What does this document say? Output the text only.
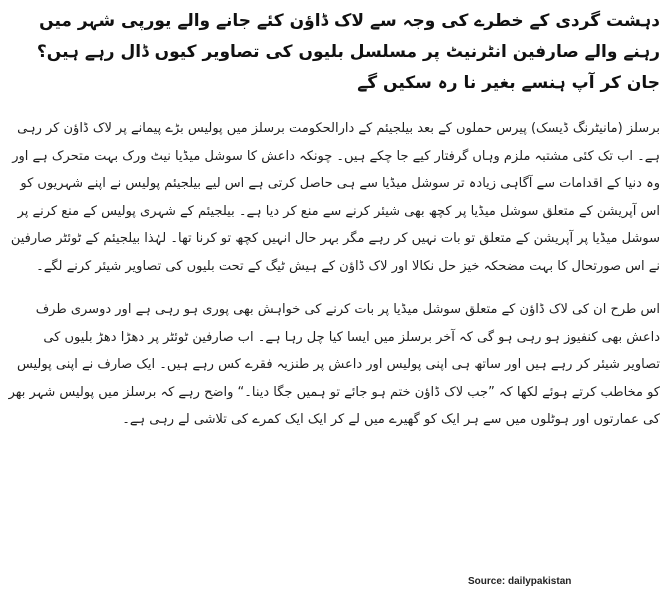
دہشت گردی کے خطرے کی وجہ سے لاک ڈاؤن کئے جانے والے یورپی شہر میں رہنے والے صارفین انٹرنیٹ پر مسلسل بلیوں کی تصاویر کیوں ڈال رہے ہیں؟ جان کر آپ ہنسے بغیر نا رہ سکیں گے
برسلز (مانیٹرنگ ڈیسک) پیرس حملوں کے بعد بیلجیئم کے دارالحکومت برسلز میں پولیس بڑے پیمانے پر لاک ڈاؤن کر رہی ہے۔ اب تک کئی مشتبہ ملزم وہاں گرفتار کیے جا چکے ہیں۔ چونکہ داعش کا سوشل میڈیا نیٹ ورک بہت متحرک ہے اور وہ دنیا کے اقدامات سے آگاہی زیادہ تر سوشل میڈیا سے ہی حاصل کرتی ہے اس لیے بیلجیئم پولیس نے اپنے شہریوں کو اس آپریشن کے متعلق سوشل میڈیا پر کچھ بھی شیئر کرنے سے منع کر دیا ہے۔ بیلجیئم کے شہری پولیس کے منع کرنے پر سوشل میڈیا پر آپریشن کے متعلق تو بات نہیں کر رہے مگر بہر حال انہیں کچھ تو کرنا تھا۔ لہٰذا بیلجیئم کے ٹوئٹر صارفین نے اس صورتحال کا بہت مضحکہ خیز حل نکالا اور لاک ڈاؤن کے ہیش ٹیگ کے تحت بلیوں کی تصاویر شیئر کرنے لگے۔
اس طرح ان کی لاک ڈاؤن کے متعلق سوشل میڈیا پر بات کرنے کی خواہش بھی پوری ہو رہی ہے اور دوسری طرف داعش بھی کنفیوز ہو رہی ہو گی کہ آخر برسلز میں ایسا کیا چل رہا ہے۔ اب صارفین ٹوئٹر پر دھڑا دھڑ بلیوں کی تصاویر شیئر کر رہے ہیں اور ساتھ ہی اپنی پولیس اور داعش پر طنزیہ فقرے کس رہے ہیں۔ ایک صارف نے اپنی پولیس کو مخاطب کرتے ہوئے لکھا کہ ”جب لاک ڈاؤن ختم ہو جائے تو ہمیں جگا دینا۔“ واضح رہے کہ برسلز میں پولیس شہر بھر کی عمارتوں اور ہوٹلوں میں سے ہر ایک کو گھیرے میں لے کر ایک ایک کمرے کی تلاشی لے رہی ہے۔
Source: dailypakistan
